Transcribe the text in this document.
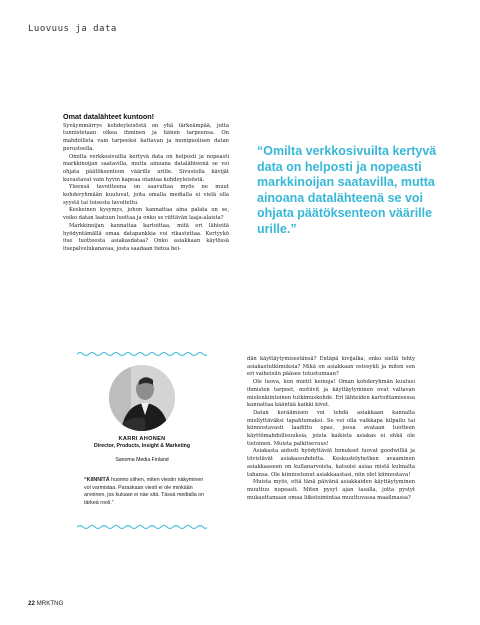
Luovuus ja data
Omat datalähteet kuntoon!

Syväymmärrys kohdeyleisöstä on yhä tärkeämpää, jotta tunnistetaan oikea ihminen ja hänen tarpeensa. On mahdollista vain tarpeeksi kattavan ja monipuolisen datan perusteella.

Omilta verkkosivuilta kertyvä data on helposti ja nopeasti markkinoijan saatavilla, mutta ainoana datalähteenä se voi ohjata päätöksenteon väärille urille. Sivustolla kävijät kuvastavat vain hyvin kapeaa otantaa kohdeyleisöstä.

Yleensä tavoitteena on saavuttaa myös ne muut kohderyhmään kuuluvat, joita omalla medialla ei vielä olla syystä tai toisesta tavoitettu.

Keskeinen kysymys, johon kannattaa aina palata on se, voiko datan laatuun luottaa ja onko se riittävän laaja-alaista?

Markkinoijan kannattaa kartoittaa, mitä eri lähteitä hyödyntämällä omaa datapankkia voi rikastuttaa. Kertyykö itse tuotteesta asiakasdataa? Onko asiakkaan käytössä itsepalvelukanavaa, josta saadaan tietoa hei-

“Omilta verkkosivuilta kertyvä data on helposti ja nopeasti markkinoijan saatavilla, mutta ainoana datalähteenä se voi ohjata päätöksenteon väärille urille.”
KARRI AHONEN
Director, Products, Insight & Marketing
Sanoma Media Finland
“KIINNITÄ huomio siihen, miten viestin näkyminen voi varmistaa. Paraskaan viesti ei ole minkään arvoinen, jos kukaan ei näe sitä. Tässä medialla on tärkeä rooli.”

dän käyttäytymisestänsä? Entäpä kivijalka, onko siellä tehty asiakastutkimuksia? Mikä on asiakkaan ostosykli ja miten sen eri vaiheisiin pääsee tutustumaan?

Ole luova, kun mietit keinoja! Oman kohderyhmän kuulusi ihmisten tarpeet, motiivit ja käyttäytyminen ovat valtavan mielenkiintoinen tutkimuskohde. Eri lähteiden kartoittamisessa kannattaa kääntää kaikki kivet.

Datan keräämisen voi tehdä asiakkaan kannalta miellyttäväksi tapahtumaksi. Se voi olla vaikkapa kilpailu tai kiinnostavasti laadittu opas, jossa avataan tuotteen käyttömahdollisuuksia, joista kaikista asiakas ei ehkä ole tietoinen. Muista palkitsevuus!

Asiakasta aidosti hyödyttävät bonukset luovat goodwilliä ja tiivistävät asiakassuhdetta. Keskustelyhetken avaaminen asiakkaaseen on kullanarvoista, katsoisi asiaa mistä kulmalta tahansa. Ole kiinnostunut asiakkaastasi, niin olet kiinnostava!

Muista myös, että tänä päivänä asiakkaiden käyttäytyminen muuttuu nopeasti. Miten pysyt ajan tasalla, jotta pystyt mukauttamaan omaa liiketoimintaa muuttuvassa maailmassa?

22 MRKTNG
